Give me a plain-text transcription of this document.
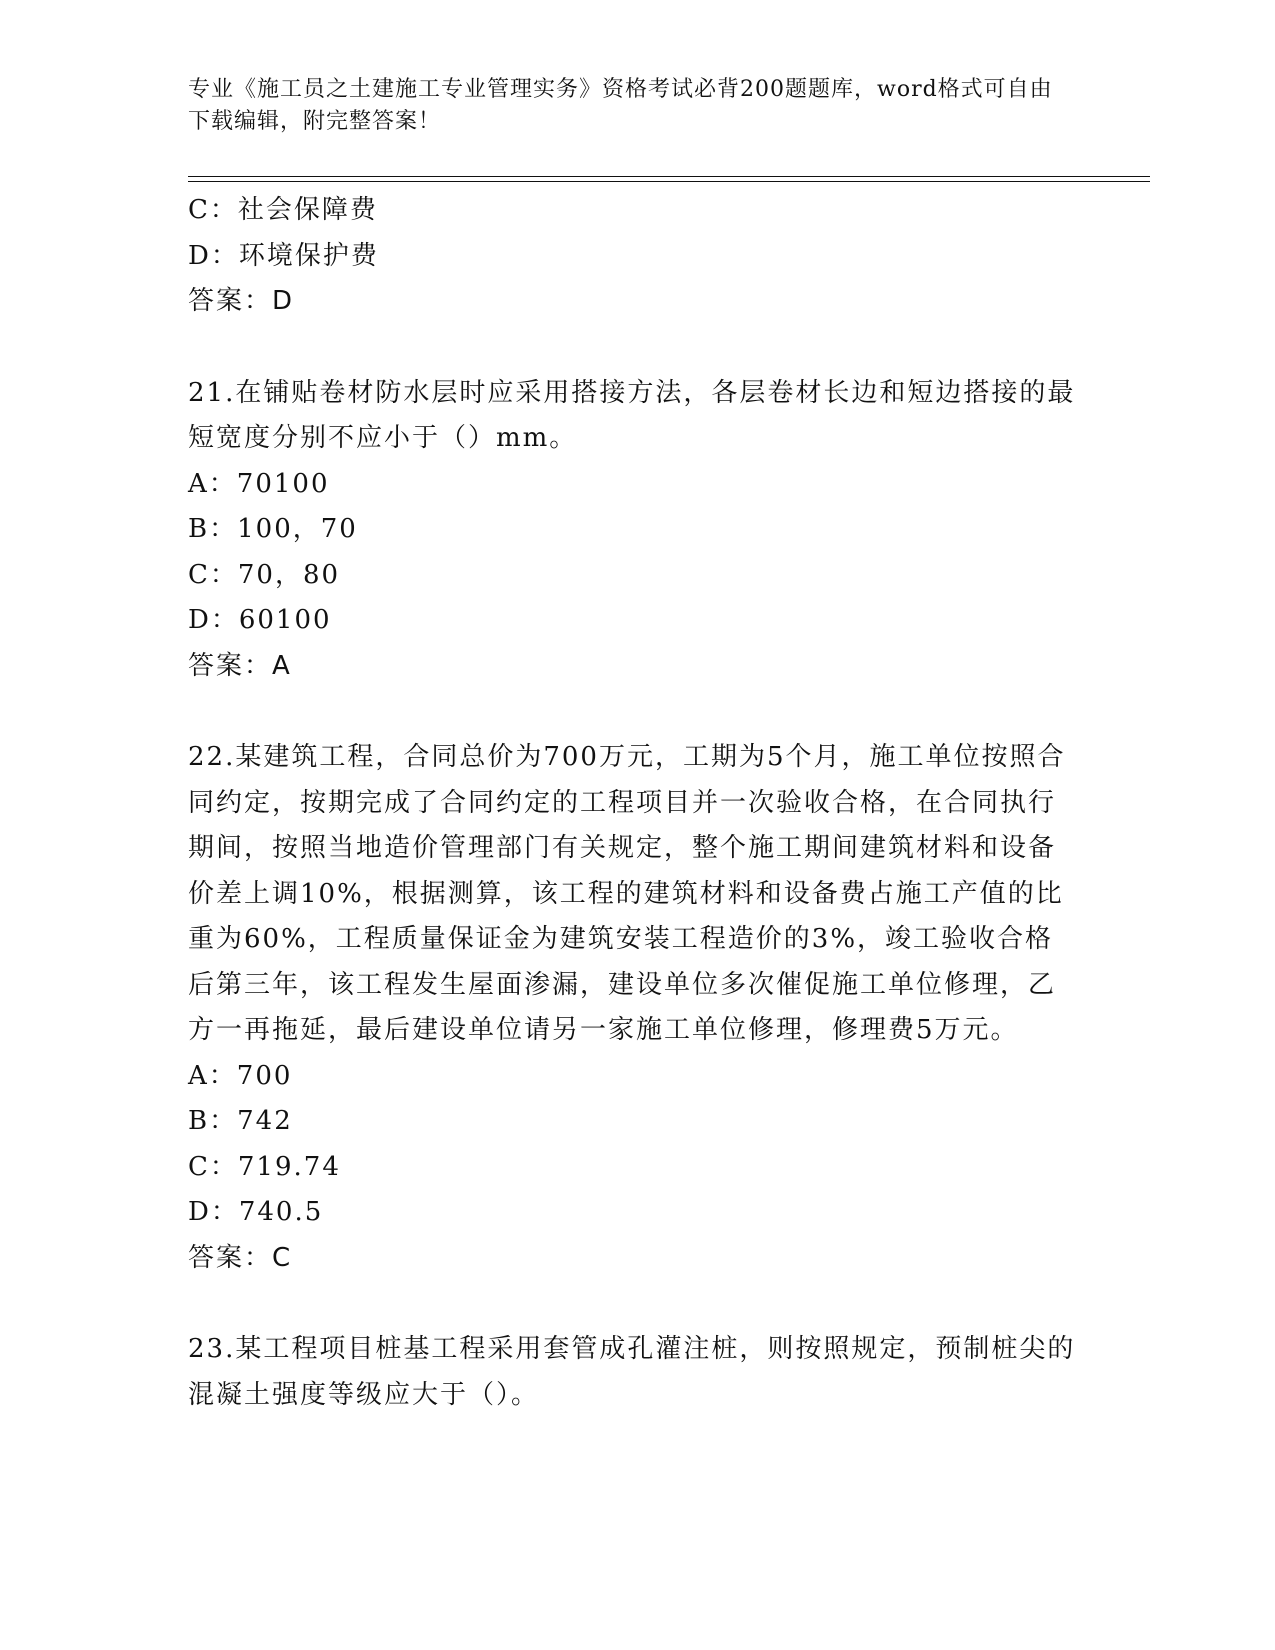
专业《施工员之土建施工专业管理实务》资格考试必背200题题库，word格式可自由下载编辑，附完整答案！
C：社会保障费
D：环境保护费
答案：D
21.在铺贴卷材防水层时应采用搭接方法，各层卷材长边和短边搭接的最短宽度分别不应小于（）mm。
A：70100
B：100，70
C：70，80
D：60100
答案：A
22.某建筑工程，合同总价为700万元，工期为5个月，施工单位按照合同约定，按期完成了合同约定的工程项目并一次验收合格，在合同执行期间，按照当地造价管理部门有关规定，整个施工期间建筑材料和设备价差上调10%，根据测算，该工程的建筑材料和设备费占施工产值的比重为60%，工程质量保证金为建筑安装工程造价的3%，竣工验收合格后第三年，该工程发生屋面渗漏，建设单位多次催促施工单位修理，乙方一再拖延，最后建设单位请另一家施工单位修理，修理费5万元。
A：700
B：742
C：719.74
D：740.5
答案：C
23.某工程项目桩基工程采用套管成孔灌注桩，则按照规定，预制桩尖的混凝土强度等级应大于（）。
